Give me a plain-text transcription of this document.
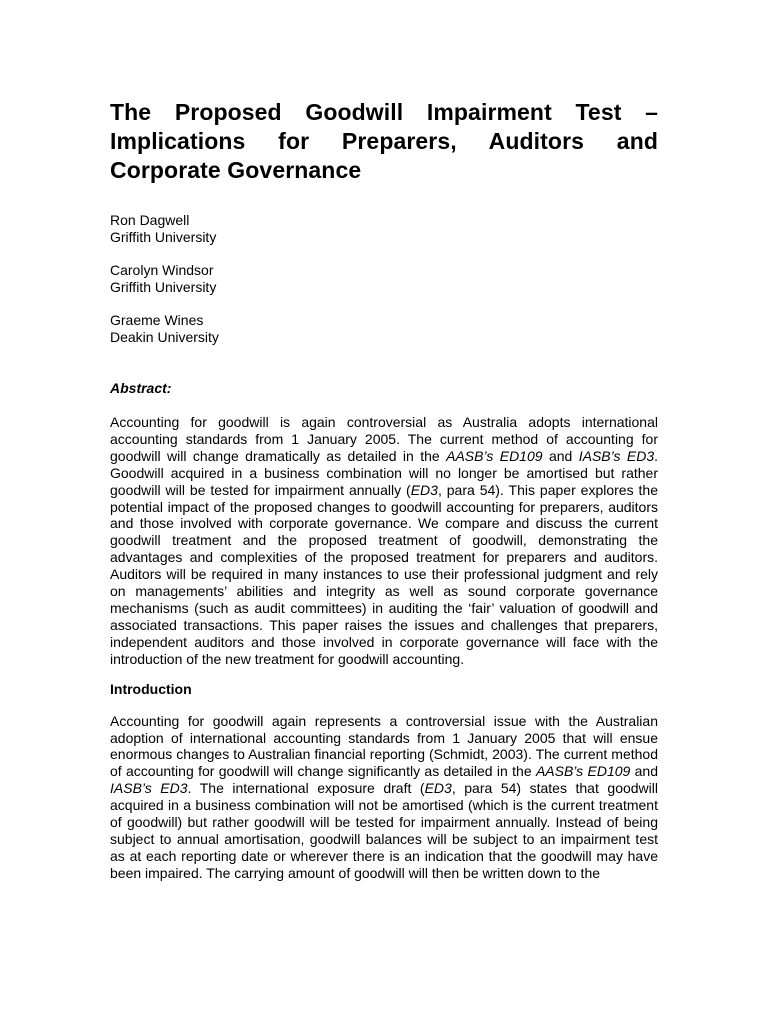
The Proposed Goodwill Impairment Test –
Implications for Preparers, Auditors and
Corporate Governance
Ron Dagwell
Griffith University
Carolyn Windsor
Griffith University
Graeme Wines
Deakin University
Abstract:

Accounting for goodwill is again controversial as Australia adopts international accounting standards from 1 January 2005. The current method of accounting for goodwill will change dramatically as detailed in the AASB’s ED109 and IASB’s ED3. Goodwill acquired in a business combination will no longer be amortised but rather goodwill will be tested for impairment annually (ED3, para 54). This paper explores the potential impact of the proposed changes to goodwill accounting for preparers, auditors and those involved with corporate governance. We compare and discuss the current goodwill treatment and the proposed treatment of goodwill, demonstrating the advantages and complexities of the proposed treatment for preparers and auditors. Auditors will be required in many instances to use their professional judgment and rely on managements’ abilities and integrity as well as sound corporate governance mechanisms (such as audit committees) in auditing the ‘fair’ valuation of goodwill and associated transactions. This paper raises the issues and challenges that preparers, independent auditors and those involved in corporate governance will face with the introduction of the new treatment for goodwill accounting.

Introduction

Accounting for goodwill again represents a controversial issue with the Australian adoption of international accounting standards from 1 January 2005 that will ensue enormous changes to Australian financial reporting (Schmidt, 2003). The current method of accounting for goodwill will change significantly as detailed in the AASB’s ED109 and IASB’s ED3. The international exposure draft (ED3, para 54) states that goodwill acquired in a business combination will not be amortised (which is the current treatment of goodwill) but rather goodwill will be tested for impairment annually. Instead of being subject to annual amortisation, goodwill balances will be subject to an impairment test as at each reporting date or wherever there is an indication that the goodwill may have been impaired. The carrying amount of goodwill will then be written down to the
